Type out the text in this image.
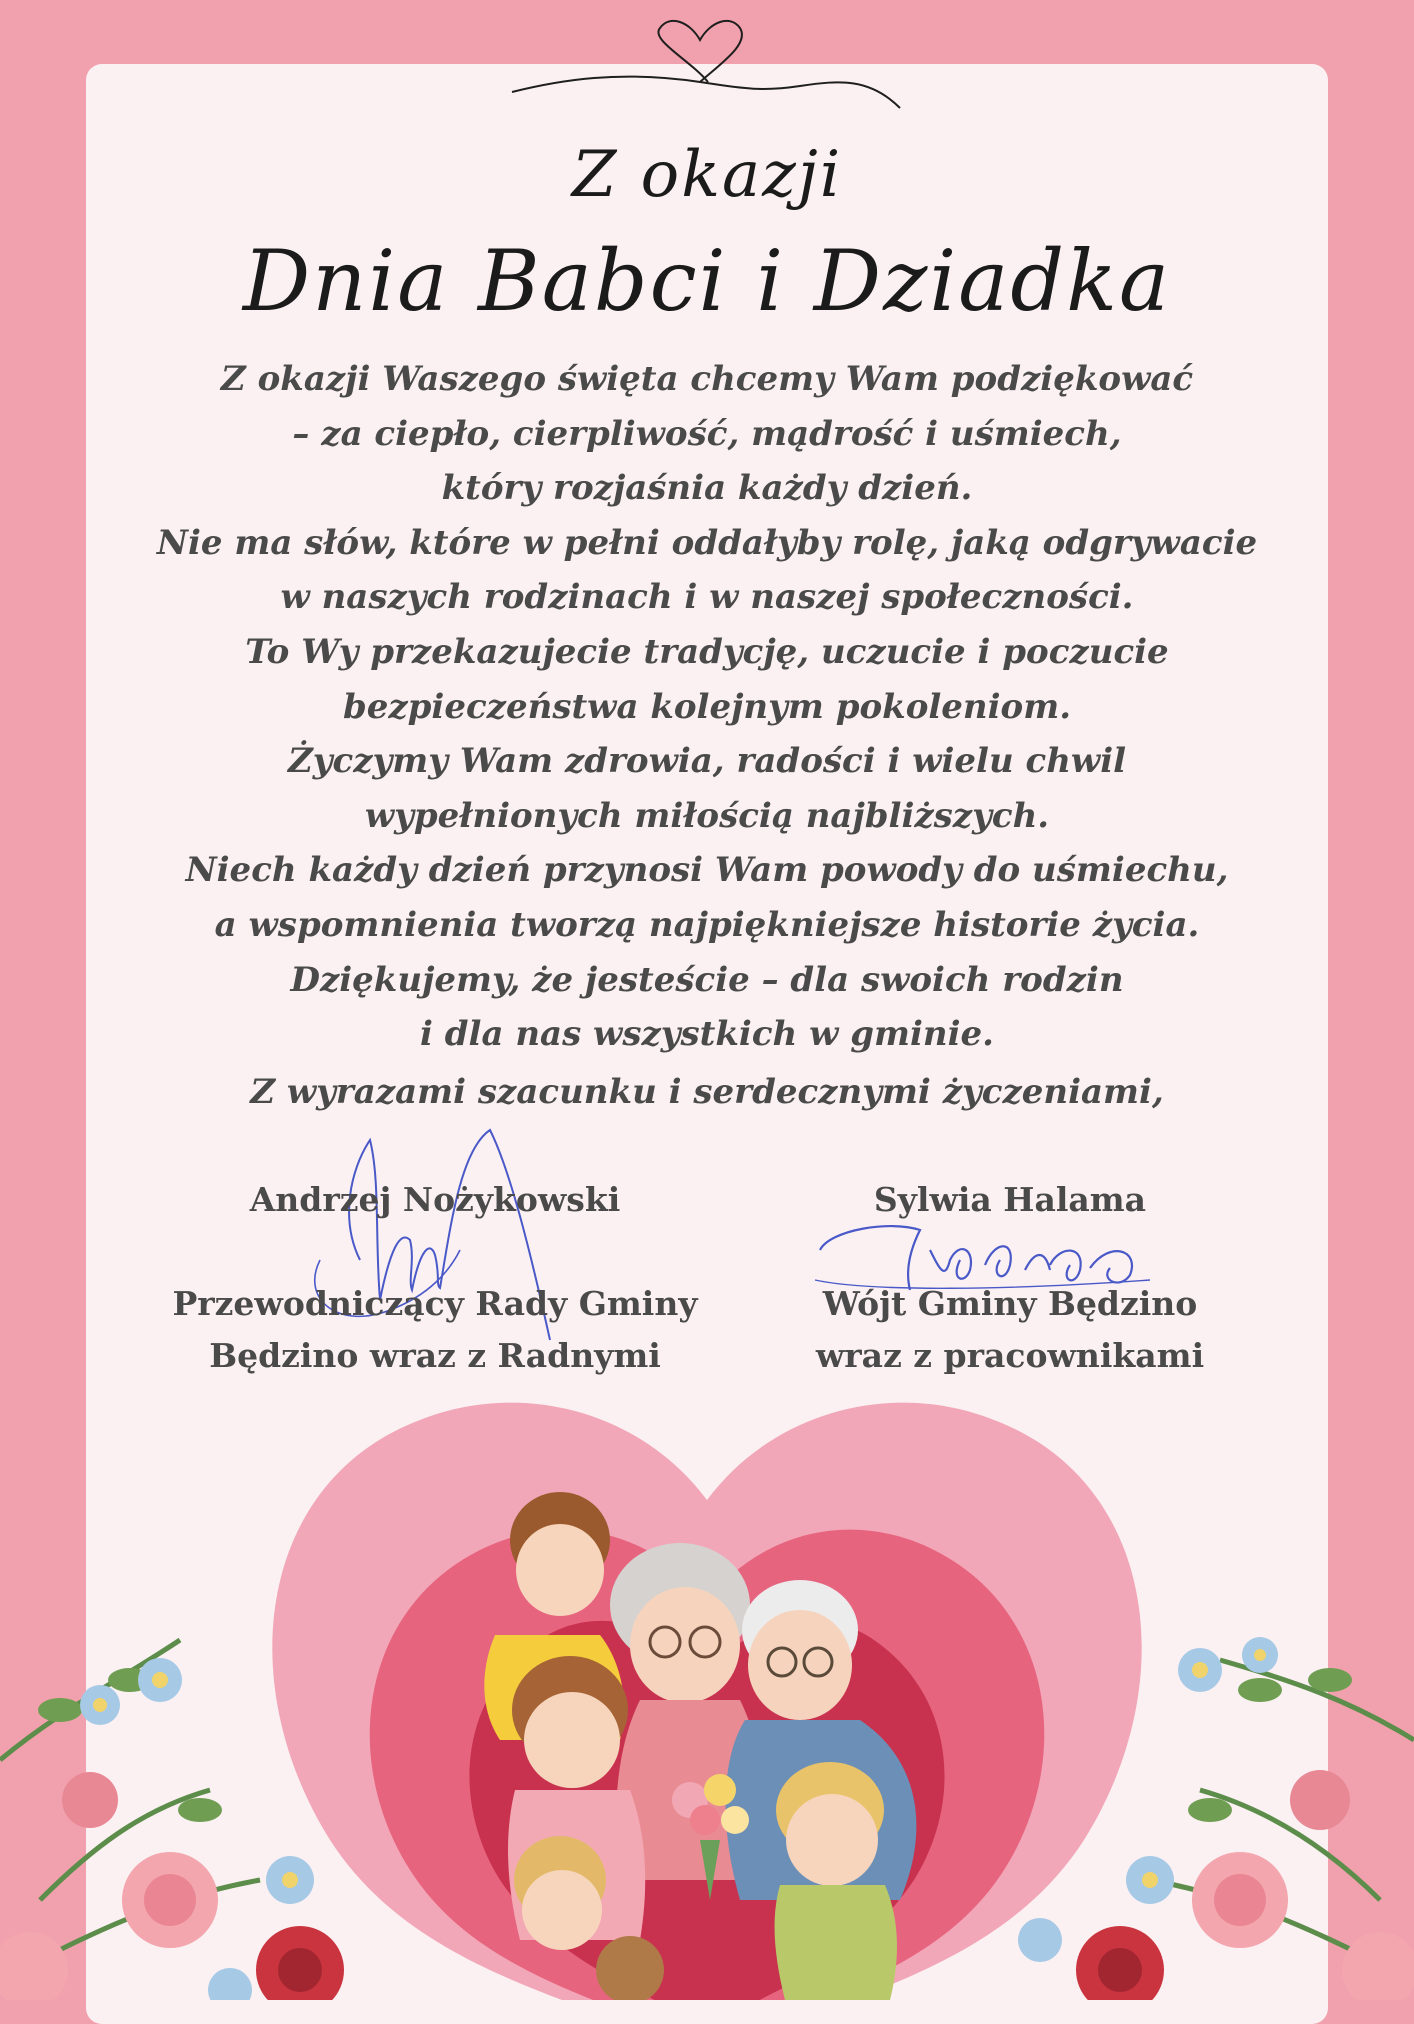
Z okazji
Dnia Babci i Dziadka
Z okazji Waszego święta chcemy Wam podziękować
– za ciepło, cierpliwość, mądrość i uśmiech,
który rozjaśnia każdy dzień.
Nie ma słów, które w pełni oddałyby rolę, jaką odgrywacie
w naszych rodzinach i w naszej społeczności.
To Wy przekazujecie tradycję, uczucie i poczucie
bezpieczeństwa kolejnym pokoleniom.
Życzymy Wam zdrowia, radości i wielu chwil
wypełnionych miłością najbliższych.
Niech każdy dzień przynosi Wam powody do uśmiechu,
a wspomnienia tworzą najpiękniejsze historie życia.
Dziękujemy, że jesteście – dla swoich rodzin
i dla nas wszystkich w gminie.
Z wyrazami szacunku i serdecznymi życzeniami,
Andrzej Nożykowski
Przewodniczący Rady Gminy
Będzino wraz z Radnymi
Sylwia Halama
Wójt Gminy Będzino
wraz z pracownikami
